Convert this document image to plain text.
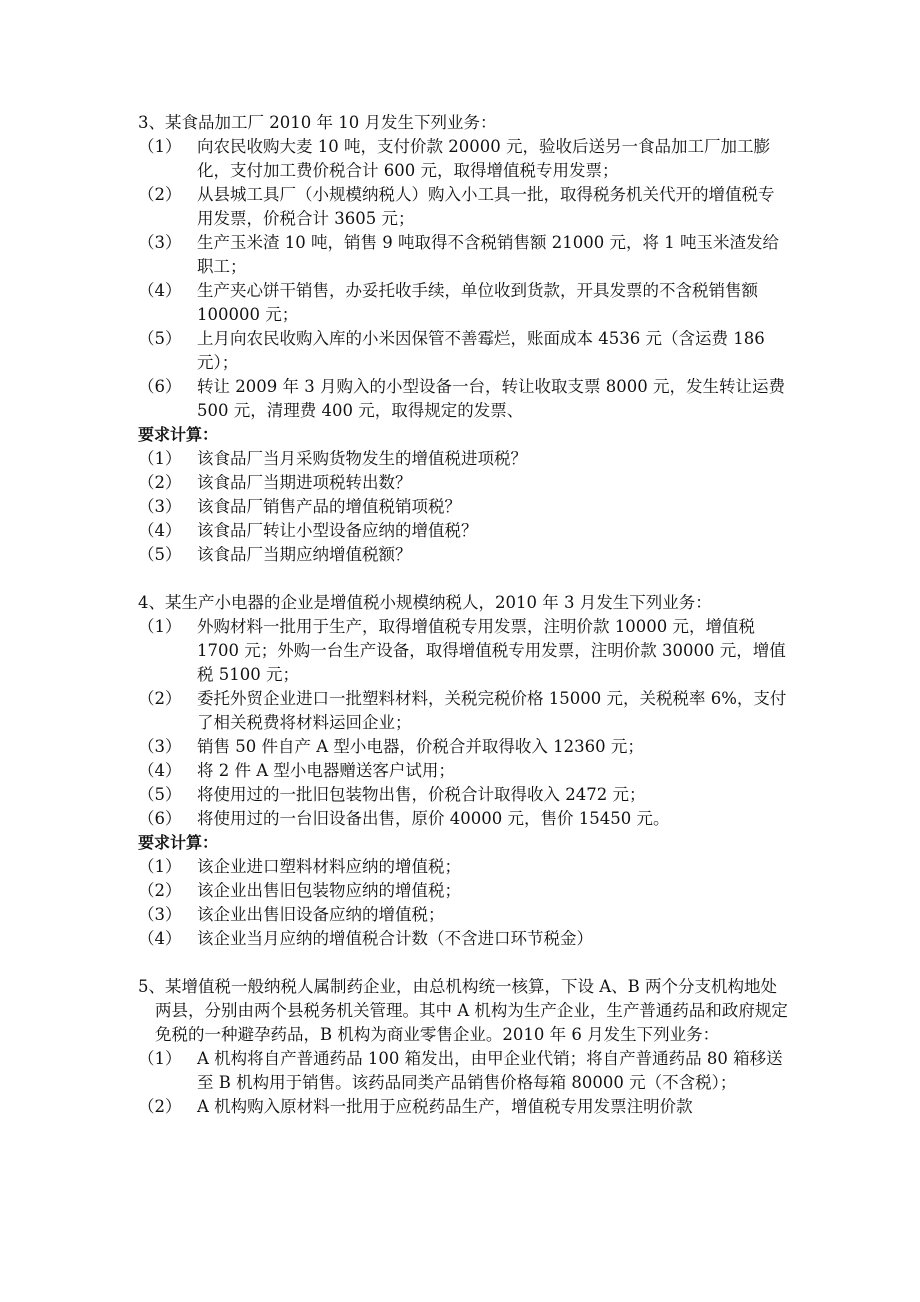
3、某食品加工厂 2010 年 10 月发生下列业务：
（1） 向农民收购大麦 10 吨，支付价款 20000 元，验收后送另一食品加工厂加工膨化，支付加工费价税合计 600 元，取得增值税专用发票；
（2） 从县城工具厂（小规模纳税人）购入小工具一批，取得税务机关代开的增值税专用发票，价税合计 3605 元；
（3） 生产玉米渣 10 吨，销售 9 吨取得不含税销售额 21000 元，将 1 吨玉米渣发给职工；
（4） 生产夹心饼干销售，办妥托收手续，单位收到货款，开具发票的不含税销售额 100000 元；
（5） 上月向农民收购入库的小米因保管不善霉烂，账面成本 4536 元（含运费 186 元）；
（6） 转让 2009 年 3 月购入的小型设备一台，转让收取支票 8000 元，发生转让运费 500 元，清理费 400 元，取得规定的发票、
要求计算：
（1） 该食品厂当月采购货物发生的增值税进项税？
（2） 该食品厂当期进项税转出数？
（3） 该食品厂销售产品的增值税销项税？
（4） 该食品厂转让小型设备应纳的增值税？
（5） 该食品厂当期应纳增值税额？
4、某生产小电器的企业是增值税小规模纳税人，2010 年 3 月发生下列业务：
（1） 外购材料一批用于生产，取得增值税专用发票，注明价款 10000 元，增值税 1700 元；外购一台生产设备，取得增值税专用发票，注明价款 30000 元，增值税 5100 元；
（2） 委托外贸企业进口一批塑料材料，关税完税价格 15000 元，关税税率 6%，支付了相关税费将材料运回企业；
（3） 销售 50 件自产 A 型小电器，价税合并取得收入 12360 元；
（4） 将 2 件 A 型小电器赠送客户试用；
（5） 将使用过的一批旧包装物出售，价税合计取得收入 2472 元；
（6） 将使用过的一台旧设备出售，原价 40000 元，售价 15450 元。
要求计算：
（1） 该企业进口塑料材料应纳的增值税；
（2） 该企业出售旧包装物应纳的增值税；
（3） 该企业出售旧设备应纳的增值税；
（4） 该企业当月应纳的增值税合计数（不含进口环节税金）
5、某增值税一般纳税人属制药企业，由总机构统一核算，下设 A、B 两个分支机构地处两县，分别由两个县税务机关管理。其中 A 机构为生产企业，生产普通药品和政府规定免税的一种避孕药品，B 机构为商业零售企业。2010 年 6 月发生下列业务：
（1） A 机构将自产普通药品 100 箱发出，由甲企业代销；将自产普通药品 80 箱移送至 B 机构用于销售。该药品同类产品销售价格每箱 80000 元（不含税）；
（2） A 机构购入原材料一批用于应税药品生产，增值税专用发票注明价款
